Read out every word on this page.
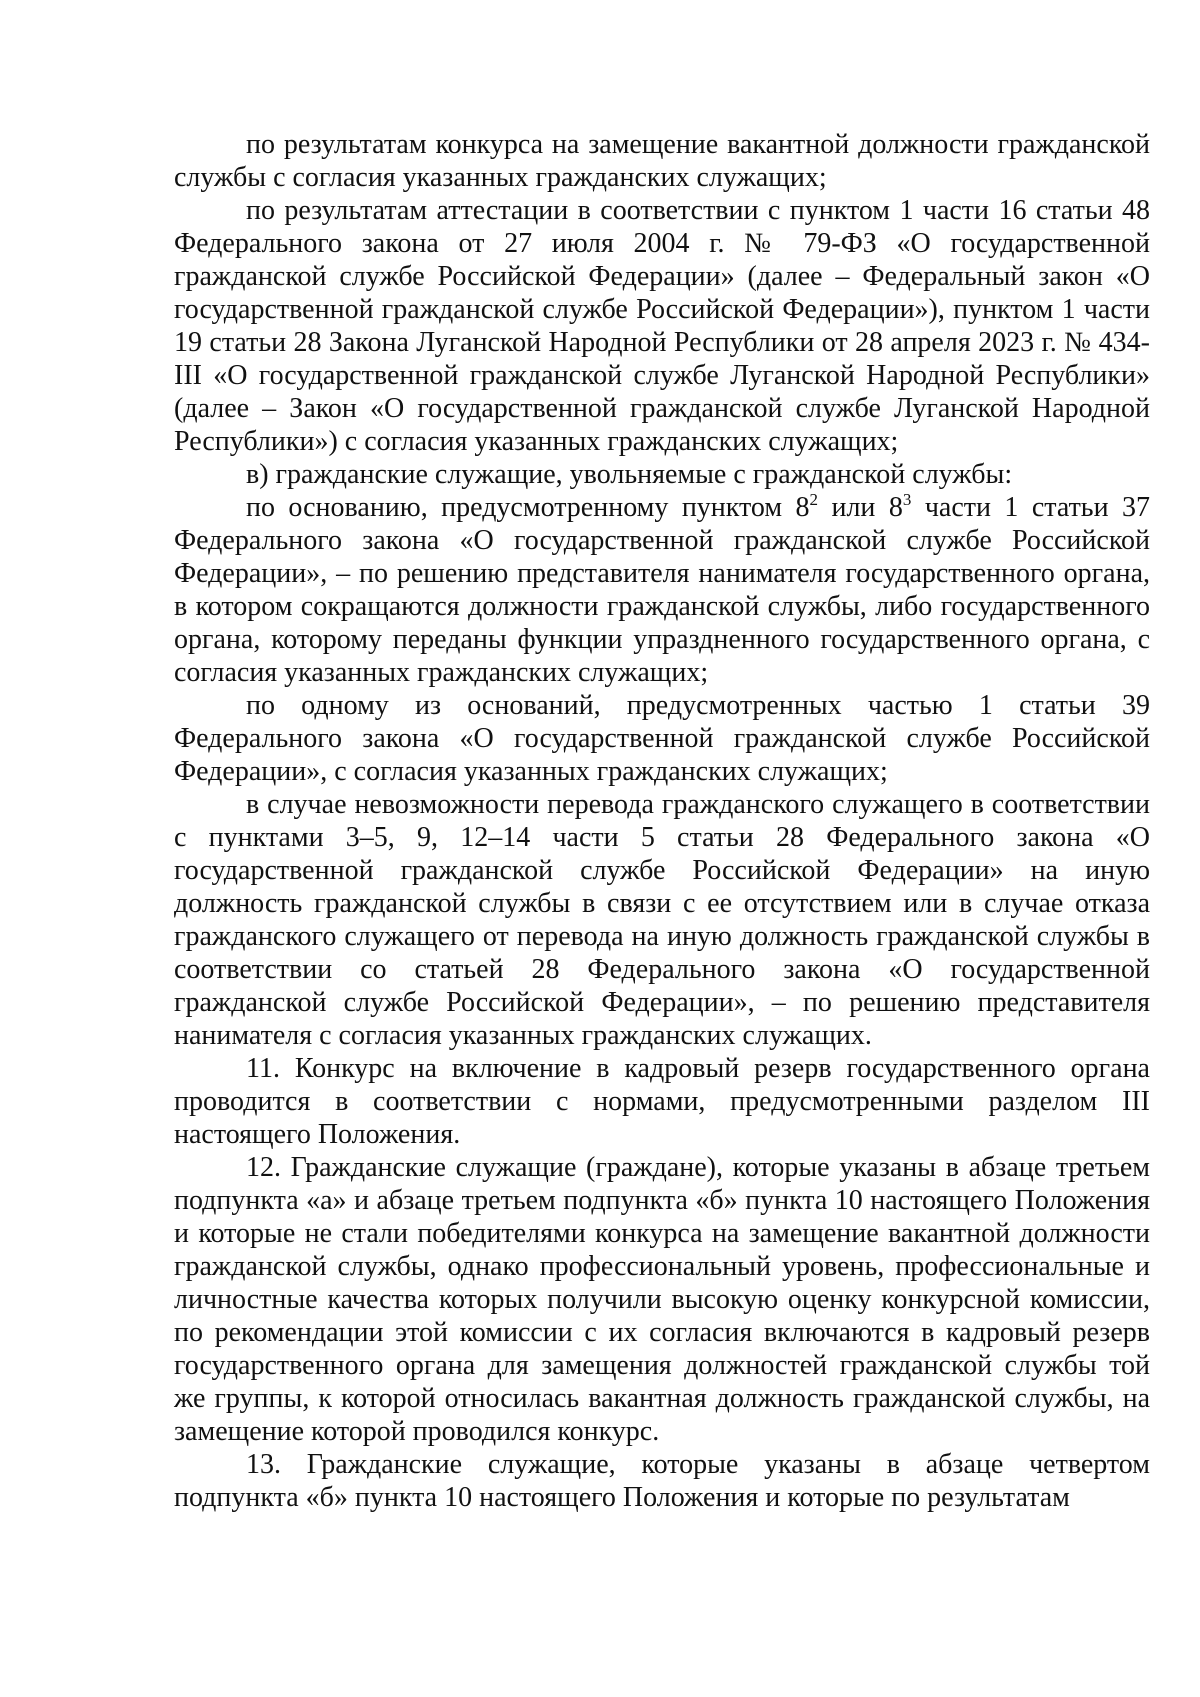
по результатам конкурса на замещение вакантной должности гражданской службы с согласия указанных гражданских служащих;

по результатам аттестации в соответствии с пунктом 1 части 16 статьи 48 Федерального закона от 27 июля 2004 г. № 79-ФЗ «О государственной гражданской службе Российской Федерации» (далее – Федеральный закон «О государственной гражданской службе Российской Федерации»), пунктом 1 части 19 статьи 28 Закона Луганской Народной Республики от 28 апреля 2023 г. № 434-III «О государственной гражданской службе Луганской Народной Республики» (далее – Закон «О государственной гражданской службе Луганской Народной Республики») с согласия указанных гражданских служащих;

в) гражданские служащие, увольняемые с гражданской службы:

по основанию, предусмотренному пунктом $8^2$ или $8^3$ части 1 статьи 37 Федерального закона «О государственной гражданской службе Российской Федерации», – по решению представителя нанимателя государственного органа, в котором сокращаются должности гражданской службы, либо государственного органа, которому переданы функции упраздненного государственного органа, с согласия указанных гражданских служащих;

по одному из оснований, предусмотренных частью 1 статьи 39 Федерального закона «О государственной гражданской службе Российской Федерации», с согласия указанных гражданских служащих;

в случае невозможности перевода гражданского служащего в соответствии с пунктами 3–5, 9, 12–14 части 5 статьи 28 Федерального закона «О государственной гражданской службе Российской Федерации» на иную должность гражданской службы в связи с ее отсутствием или в случае отказа гражданского служащего от перевода на иную должность гражданской службы в соответствии со статьей 28 Федерального закона «О государственной гражданской службе Российской Федерации», – по решению представителя нанимателя с согласия указанных гражданских служащих.

11. Конкурс на включение в кадровый резерв государственного органа проводится в соответствии с нормами, предусмотренными разделом III настоящего Положения.

12. Гражданские служащие (граждане), которые указаны в абзаце третьем подпункта «а» и абзаце третьем подпункта «б» пункта 10 настоящего Положения и которые не стали победителями конкурса на замещение вакантной должности гражданской службы, однако профессиональный уровень, профессиональные и личностные качества которых получили высокую оценку конкурсной комиссии, по рекомендации этой комиссии с их согласия включаются в кадровый резерв государственного органа для замещения должностей гражданской службы той же группы, к которой относилась вакантная должность гражданской службы, на замещение которой проводился конкурс.

13. Гражданские служащие, которые указаны в абзаце четвертом подпункта «б» пункта 10 настоящего Положения и которые по результатам
